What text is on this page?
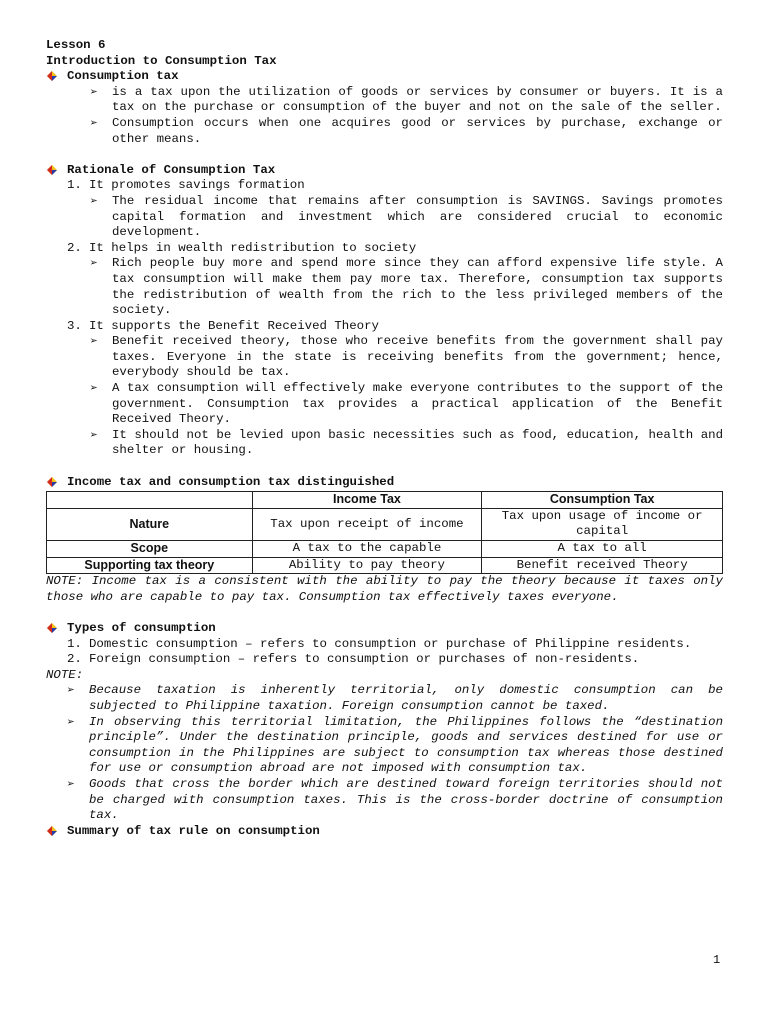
Lesson 6
Introduction to Consumption Tax
Consumption tax
➢	is a tax upon the utilization of goods or services by consumer or buyers. It is a tax on the purchase or consumption of the buyer and not on the sale of the seller.
➢	Consumption occurs when one acquires good or services by purchase, exchange or other means.
Rationale of Consumption Tax
1. It promotes savings formation
➢	The residual income that remains after consumption is SAVINGS. Savings promotes capital formation and investment which are considered crucial to economic development.
2. It helps in wealth redistribution to society
➢	Rich people buy more and spend more since they can afford expensive life style. A tax consumption will make them pay more tax. Therefore, consumption tax supports the redistribution of wealth from the rich to the less privileged members of the society.
3. It supports the Benefit Received Theory
➢	Benefit received theory, those who receive benefits from the government shall pay taxes. Everyone in the state is receiving benefits from the government; hence, everybody should be tax.
➢	A tax consumption will effectively make everyone contributes to the support of the government. Consumption tax provides a practical application of the Benefit Received Theory.
➢	It should not be levied upon basic necessities such as food, education, health and shelter or housing.
Income tax and consumption tax distinguished
	Income Tax	Consumption Tax
Nature	Tax upon receipt of income	Tax upon usage of income or capital
Scope	A tax to the capable	A tax to all
Supporting tax theory	Ability to pay theory	Benefit received Theory
NOTE: Income tax is a consistent with the ability to pay the theory because it taxes only those who are capable to pay tax. Consumption tax effectively taxes everyone.
Types of consumption
1. Domestic consumption – refers to consumption or purchase of Philippine residents.
2. Foreign consumption – refers to consumption or purchases of non-residents.
NOTE:
➢	Because taxation is inherently territorial, only domestic consumption can be subjected to Philippine taxation. Foreign consumption cannot be taxed.
➢	In observing this territorial limitation, the Philippines follows the “destination principle”. Under the destination principle, goods and services destined for use or consumption in the Philippines are subject to consumption tax whereas those destined for use or consumption abroad are not imposed with consumption tax.
➢	Goods that cross the border which are destined toward foreign territories should not be charged with consumption taxes. This is the cross-border doctrine of consumption tax.
Summary of tax rule on consumption
1
